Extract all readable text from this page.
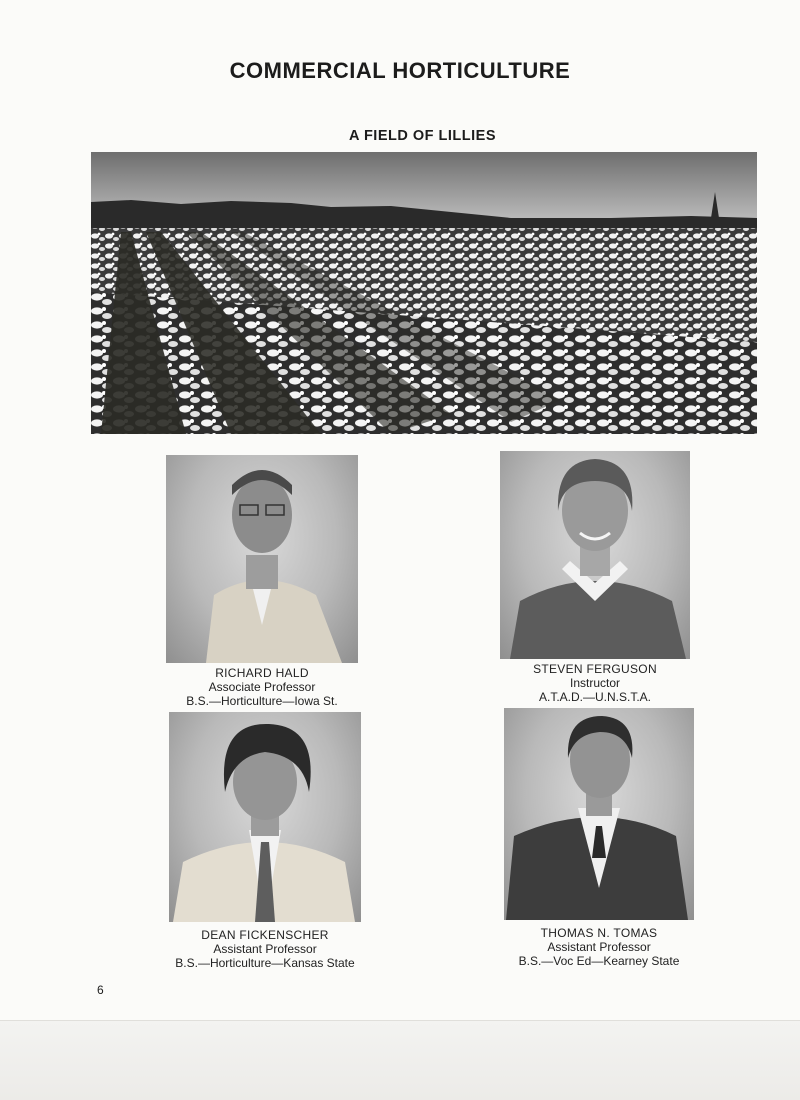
COMMERCIAL HORTICULTURE
A FIELD OF LILLIES
RICHARD HALD
Associate Professor
B.S.—Horticulture—Iowa St.
STEVEN FERGUSON
Instructor
A.T.A.D.—U.N.S.T.A.
DEAN FICKENSCHER
Assistant Professor
B.S.—Horticulture—Kansas State
THOMAS N. TOMAS
Assistant Professor
B.S.—Voc Ed—Kearney State
6
